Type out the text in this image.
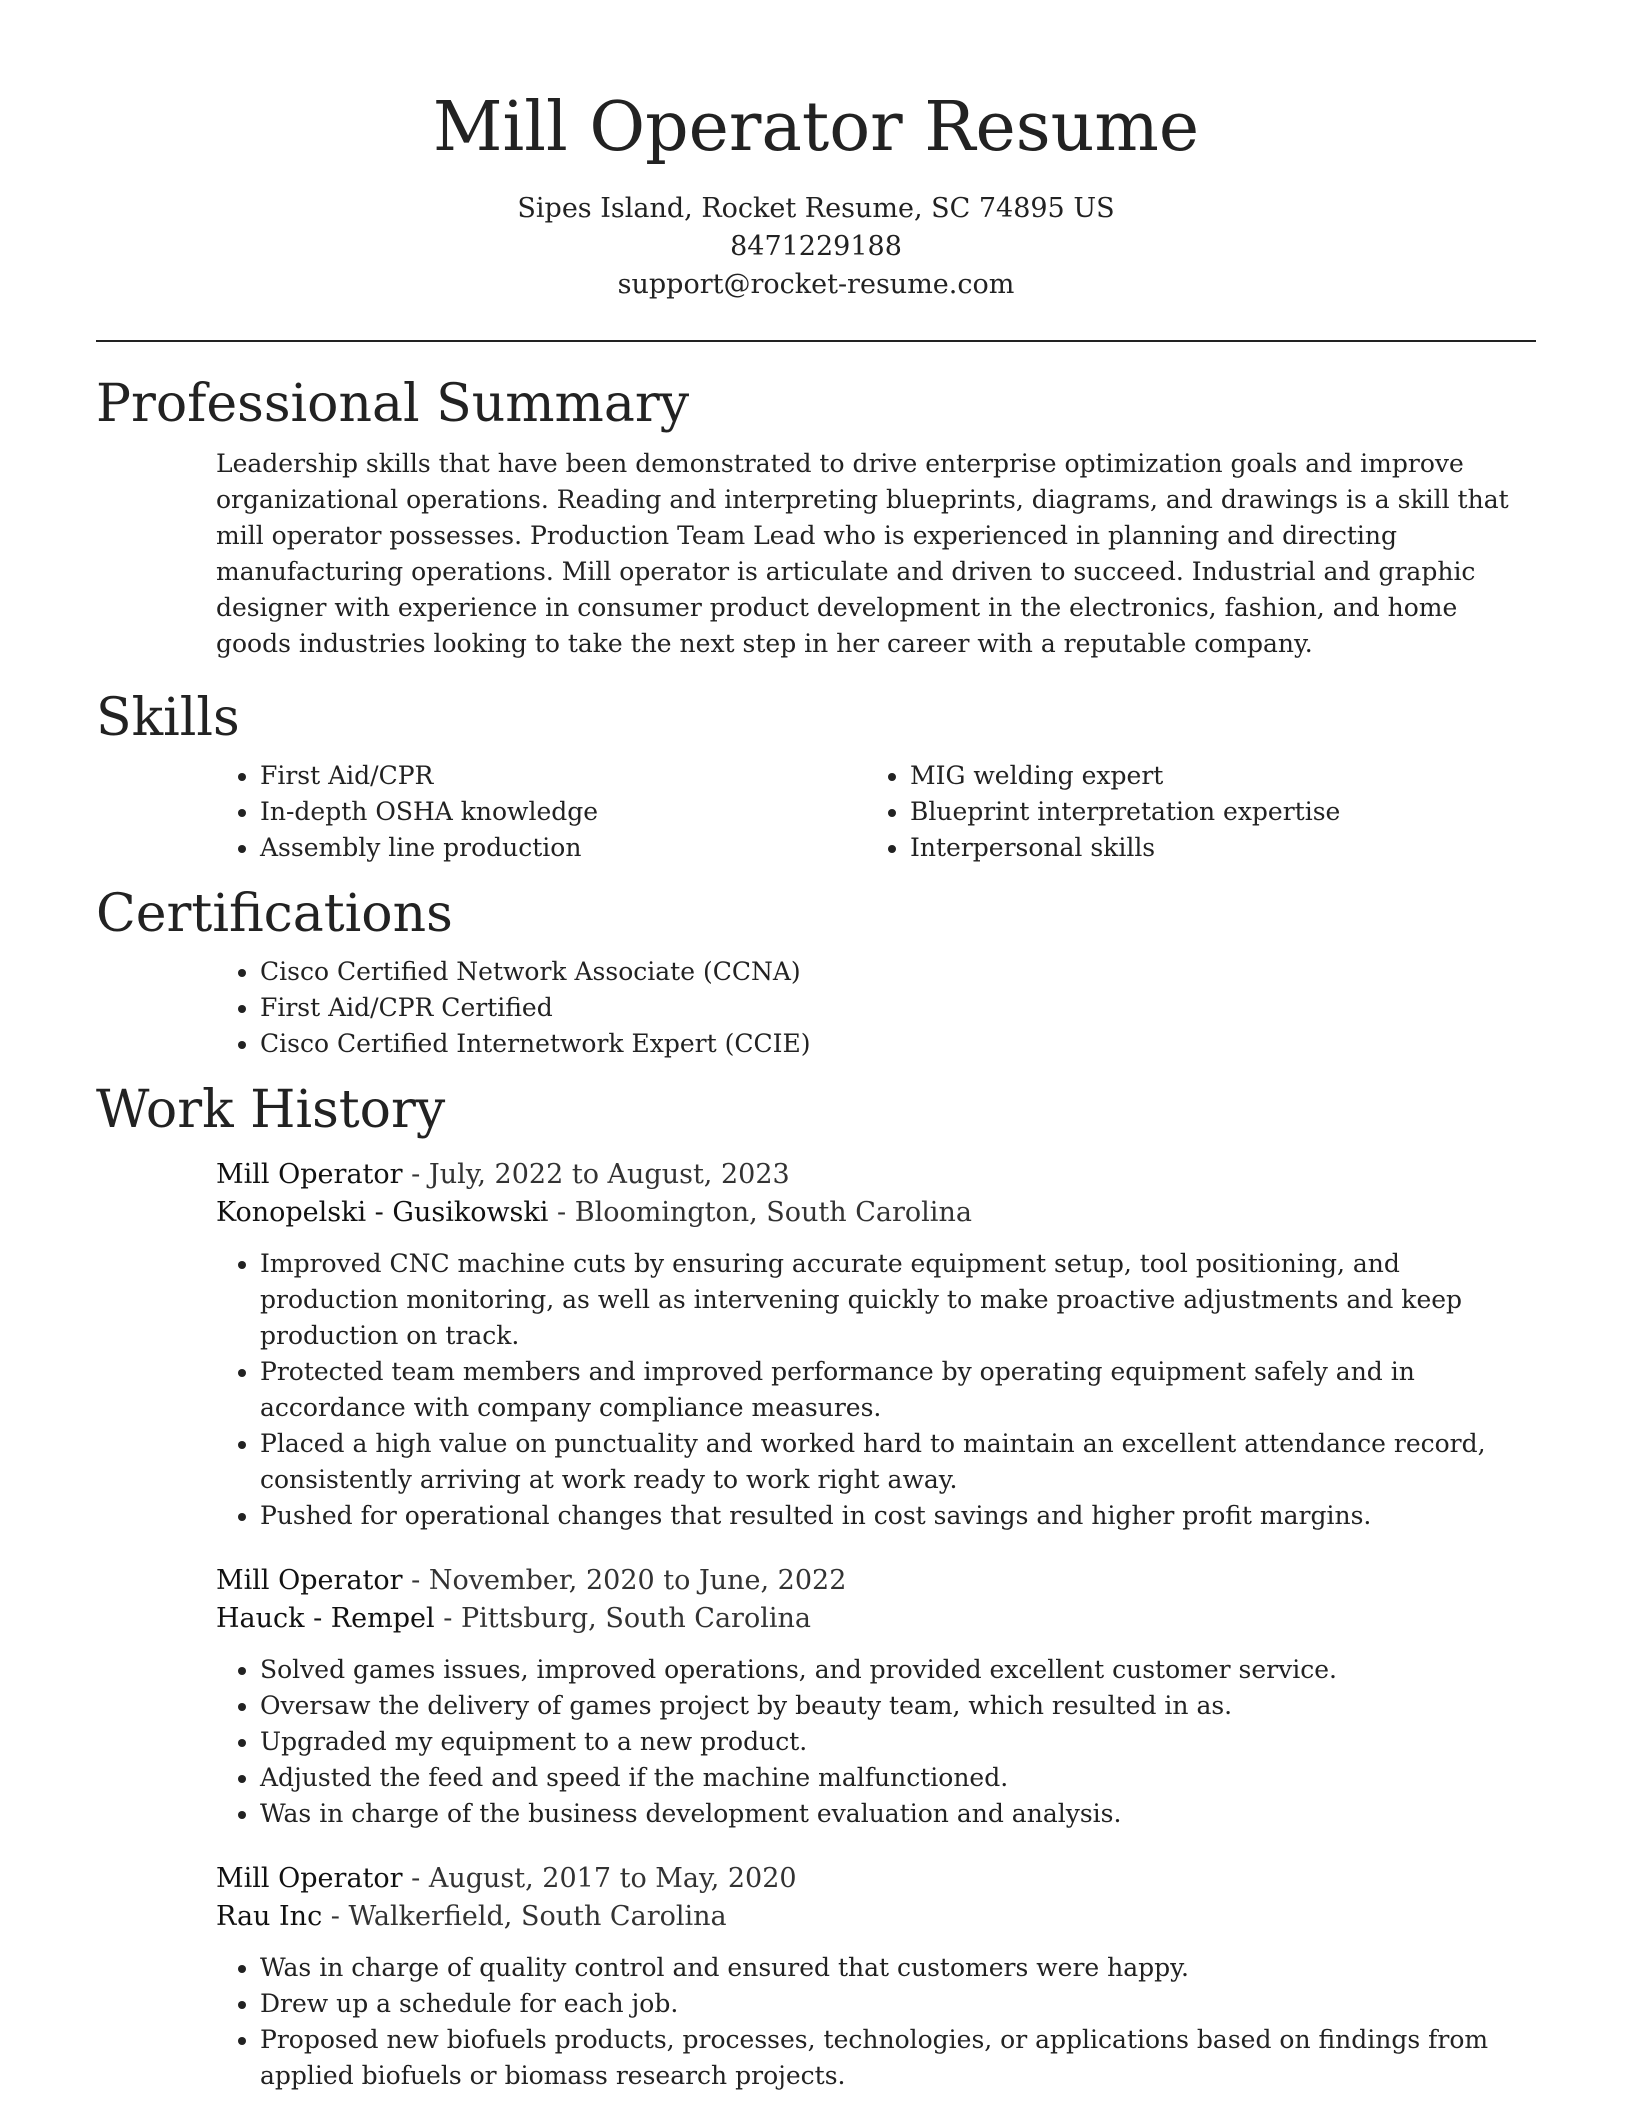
Mill Operator Resume
Sipes Island, Rocket Resume, SC 74895 US
8471229188
support@rocket-resume.com
Professional Summary

Leadership skills that have been demonstrated to drive enterprise optimization goals and improve organizational operations. Reading and interpreting blueprints, diagrams, and drawings is a skill that mill operator possesses. Production Team Lead who is experienced in planning and directing manufacturing operations. Mill operator is articulate and driven to succeed. Industrial and graphic designer with experience in consumer product development in the electronics, fashion, and home goods industries looking to take the next step in her career with a reputable company.

Skills
• First Aid/CPR
• In-depth OSHA knowledge
• Assembly line production
• MIG welding expert
• Blueprint interpretation expertise
• Interpersonal skills
Certifications
• Cisco Certified Network Associate (CCNA)
• First Aid/CPR Certified
• Cisco Certified Internetwork Expert (CCIE)
Work History
Mill Operator - July, 2022 to August, 2023
Konopelski - Gusikowski - Bloomington, South Carolina
• Improved CNC machine cuts by ensuring accurate equipment setup, tool positioning, and production monitoring, as well as intervening quickly to make proactive adjustments and keep production on track.
• Protected team members and improved performance by operating equipment safely and in accordance with company compliance measures.
• Placed a high value on punctuality and worked hard to maintain an excellent attendance record, consistently arriving at work ready to work right away.
• Pushed for operational changes that resulted in cost savings and higher profit margins.
Mill Operator - November, 2020 to June, 2022
Hauck - Rempel - Pittsburg, South Carolina
• Solved games issues, improved operations, and provided excellent customer service.
• Oversaw the delivery of games project by beauty team, which resulted in as.
• Upgraded my equipment to a new product.
• Adjusted the feed and speed if the machine malfunctioned.
• Was in charge of the business development evaluation and analysis.
Mill Operator - August, 2017 to May, 2020
Rau Inc - Walkerfield, South Carolina
• Was in charge of quality control and ensured that customers were happy.
• Drew up a schedule for each job.
• Proposed new biofuels products, processes, technologies, or applications based on findings from applied biofuels or biomass research projects.
